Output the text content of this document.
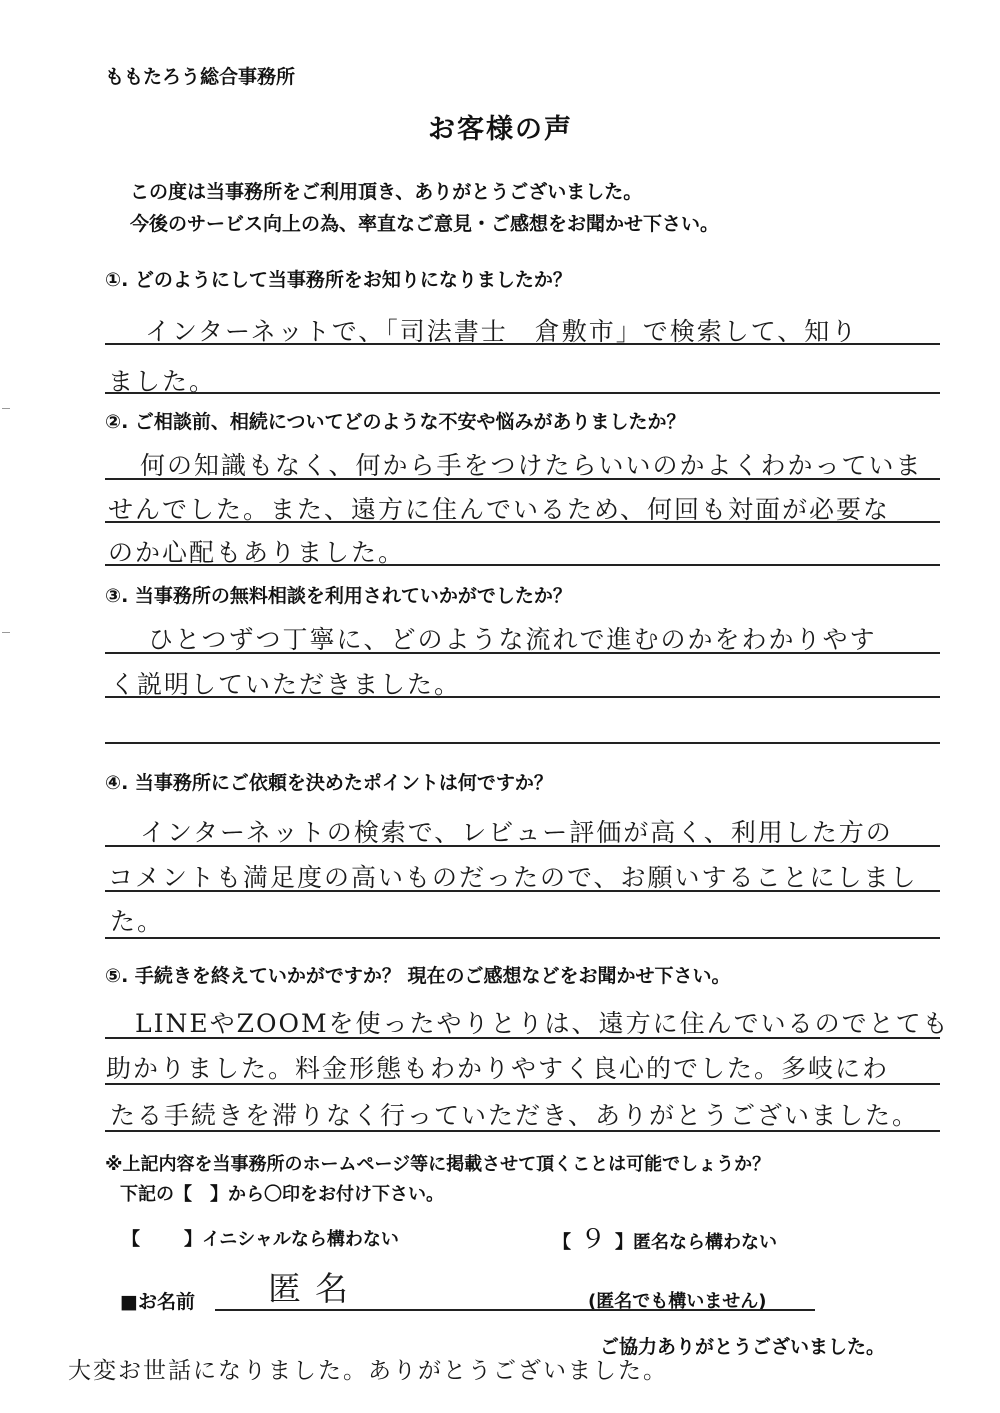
ももたろう総合事務所
お客様の声
この度は当事務所をご利用頂き、ありがとうございました。
今後のサービス向上の為、率直なご意見・ご感想をお聞かせ下さい。
①. どのようにして当事務所をお知りになりましたか？
インターネットで、「司法書士　倉敷市」で検索して、知り
ました。
②. ご相談前、相続についてどのような不安や悩みがありましたか？
何の知識もなく、何から手をつけたらいいのかよくわかっていま
せんでした。また、遠方に住んでいるため、何回も対面が必要な
のか心配もありました。
③. 当事務所の無料相談を利用されていかがでしたか？
ひとつずつ丁寧に、どのような流れで進むのかをわかりやす
く説明していただきました。
④. 当事務所にご依頼を決めたポイントは何ですか？
インターネットの検索で、レビュー評価が高く、利用した方の
コメントも満足度の高いものだったので、お願いすることにしまし
た。
⑤. 手続きを終えていかがですか？ 現在のご感想などをお聞かせ下さい。
LINEやZOOMを使ったやりとりは、遠方に住んでいるのでとても
助かりました。料金形態もわかりやすく良心的でした。多岐にわ
たる手続きを滞りなく行っていただき、ありがとうございました。
※上記内容を当事務所のホームページ等に掲載させて頂くことは可能でしょうか？
下記の【　】から〇印をお付け下さい。
【 】イニシャルなら構わない	【 ９ 】匿名なら構わない
■お名前 匿名	(匿名でも構いません)
ご協力ありがとうございました。
大変お世話になりました。ありがとうございました。
